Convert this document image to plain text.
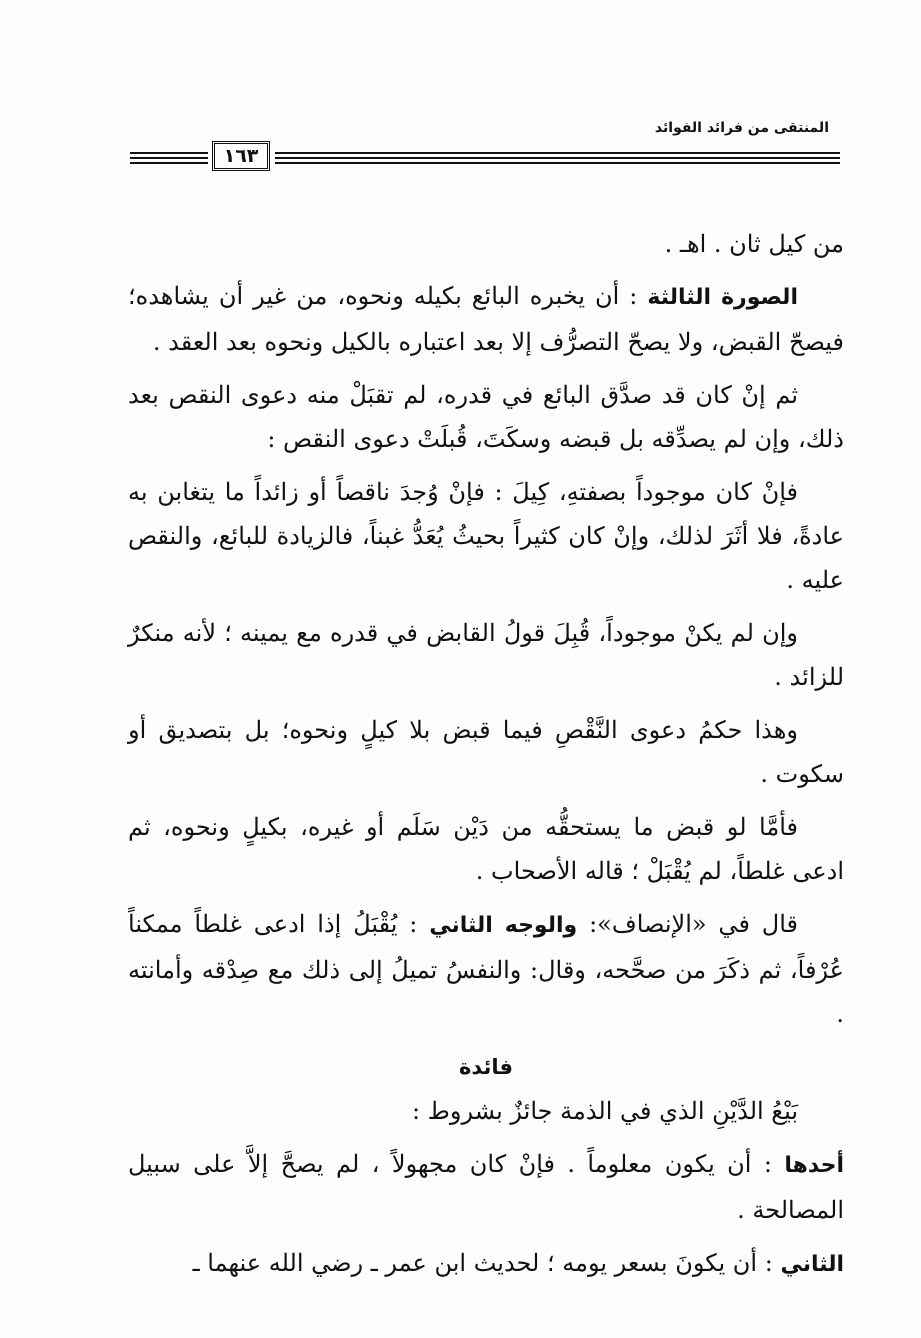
المنتقى من فرائد الفوائد
١٦٣

من كيل ثان . اهـ .

الصورة الثالثة : أن يخبره البائع بكيله ونحوه، من غير أن يشاهده؛ فيصحّ القبض، ولا يصحّ التصرُّف إلا بعد اعتباره بالكيل ونحوه بعد العقد .

ثم إنْ كان قد صدَّق البائع في قدره، لم تقبَلْ منه دعوى النقص بعد ذلك، وإن لم يصدِّقه بل قبضه وسكَتَ، قُبلَتْ دعوى النقص :

فإنْ كان موجوداً بصفتهِ، كِيلَ : فإنْ وُجدَ ناقصاً أو زائداً ما يتغابن به عادةً، فلا أثَرَ لذلك، وإنْ كان كثيراً بحيثُ يُعَدُّ غبناً، فالزيادة للبائع، والنقص عليه .

وإن لم يكنْ موجوداً، قُبِلَ قولُ القابض في قدره مع يمينه ؛ لأنه منكرٌ للزائد .

وهذا حكمُ دعوى النَّقْصِ فيما قبض بلا كيلٍ ونحوه؛ بل بتصديق أو سكوت .

فأمَّا لو قبض ما يستحقُّه من دَيْن سَلَم أو غيره، بكيلٍ ونحوه، ثم ادعى غلطاً، لم يُقْبَلْ ؛ قاله الأصحاب .

قال في «الإنصاف»: والوجه الثاني : يُقْبَلُ إذا ادعى غلطاً ممكناً عُرْفاً، ثم ذكَرَ من صحَّحه، وقال: والنفسُ تميلُ إلى ذلك مع صِدْقه وأمانته .

فائدة

بَيْعُ الدَّيْنِ الذي في الذمة جائزٌ بشروط :

أحدها : أن يكون معلوماً . فإنْ كان مجهولاً ، لم يصحَّ إلاَّ على سبيل المصالحة .

الثاني : أن يكونَ بسعر يومه ؛ لحديث ابن عمر ـ رضي الله عنهما ـ
